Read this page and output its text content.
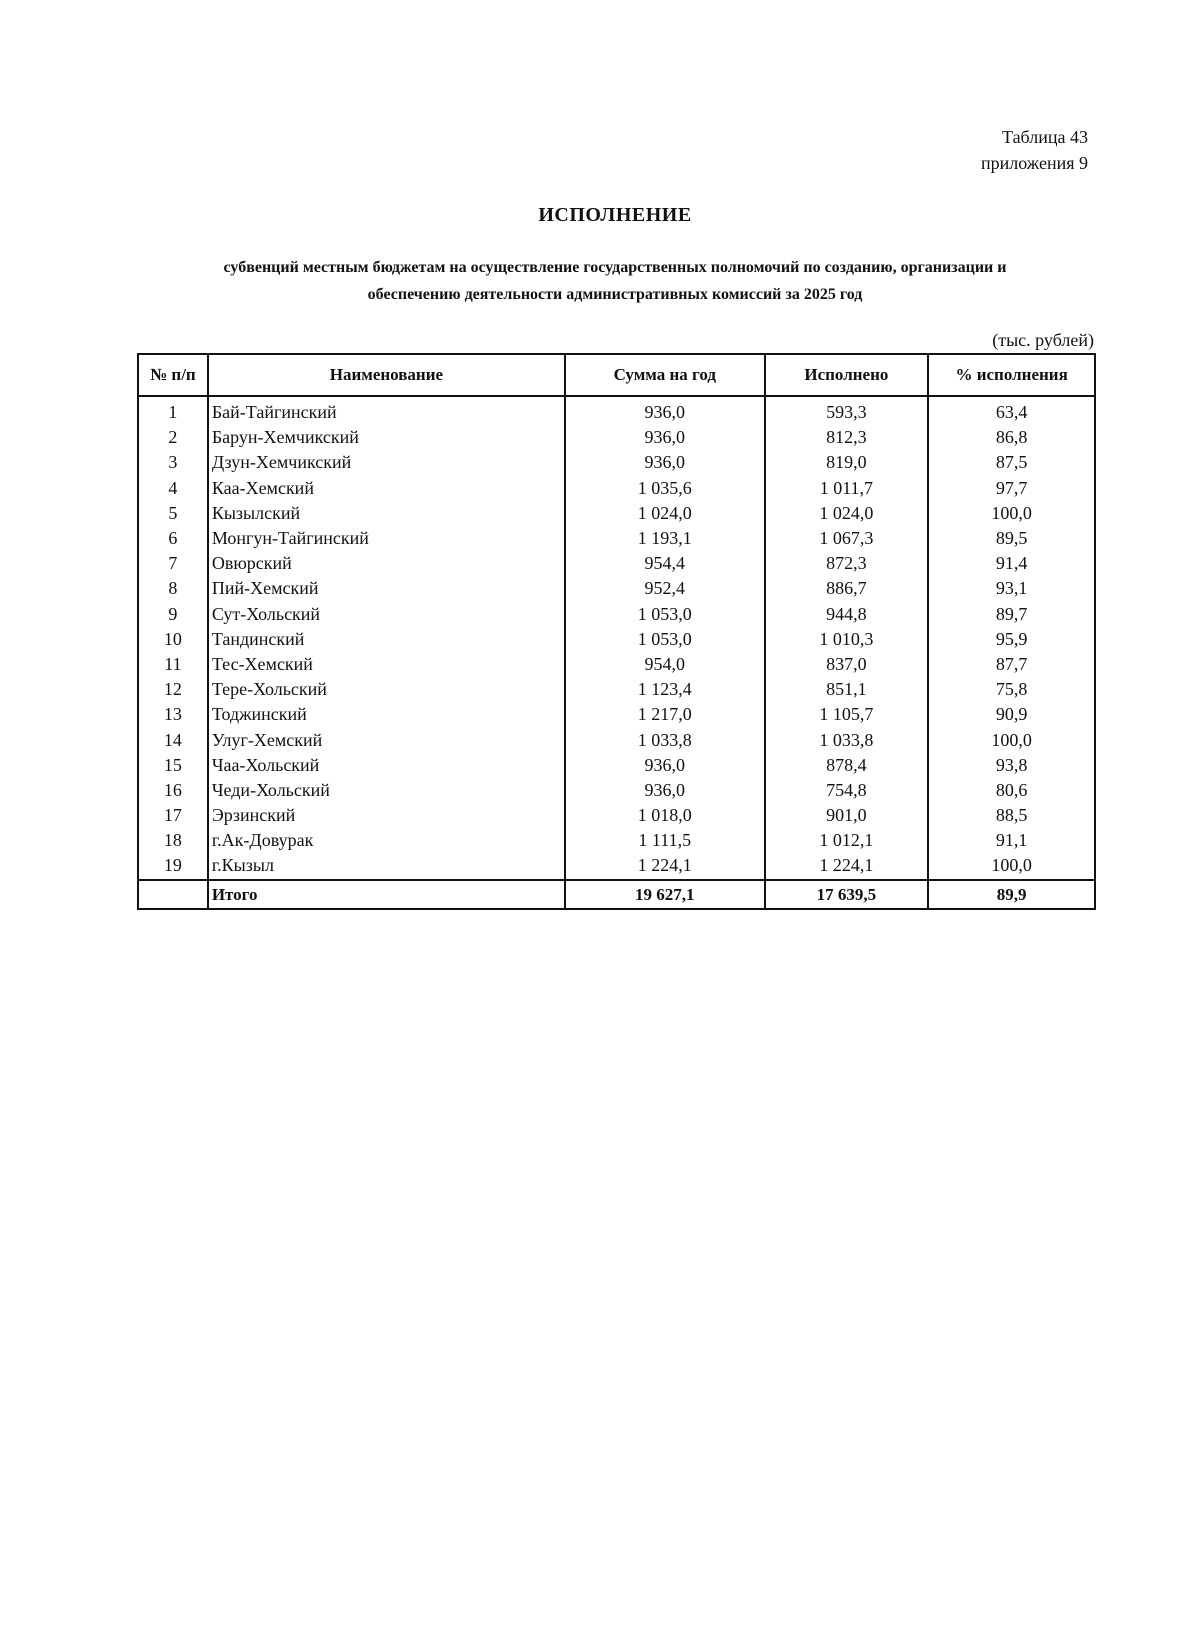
Таблица 43
приложения 9
ИСПОЛНЕНИЕ
субвенций местным бюджетам на осуществление государственных полномочий по созданию, организации и
обеспечению деятельности административных комиссий за 2025 год
(тыс. рублей)
№ п/п	Наименование	Сумма на год	Исполнено	% исполнения
1	Бай-Тайгинский	936,0	593,3	63,4
2	Барун-Хемчикский	936,0	812,3	86,8
3	Дзун-Хемчикский	936,0	819,0	87,5
4	Каа-Хемский	1 035,6	1 011,7	97,7
5	Кызылский	1 024,0	1 024,0	100,0
6	Монгун-Тайгинский	1 193,1	1 067,3	89,5
7	Овюрский	954,4	872,3	91,4
8	Пий-Хемский	952,4	886,7	93,1
9	Сут-Хольский	1 053,0	944,8	89,7
10	Тандинский	1 053,0	1 010,3	95,9
11	Тес-Хемский	954,0	837,0	87,7
12	Тере-Хольский	1 123,4	851,1	75,8
13	Тоджинский	1 217,0	1 105,7	90,9
14	Улуг-Хемский	1 033,8	1 033,8	100,0
15	Чаа-Хольский	936,0	878,4	93,8
16	Чеди-Хольский	936,0	754,8	80,6
17	Эрзинский	1 018,0	901,0	88,5
18	г.Ак-Довурак	1 111,5	1 012,1	91,1
19	г.Кызыл	1 224,1	1 224,1	100,0
	Итого	19 627,1	17 639,5	89,9
